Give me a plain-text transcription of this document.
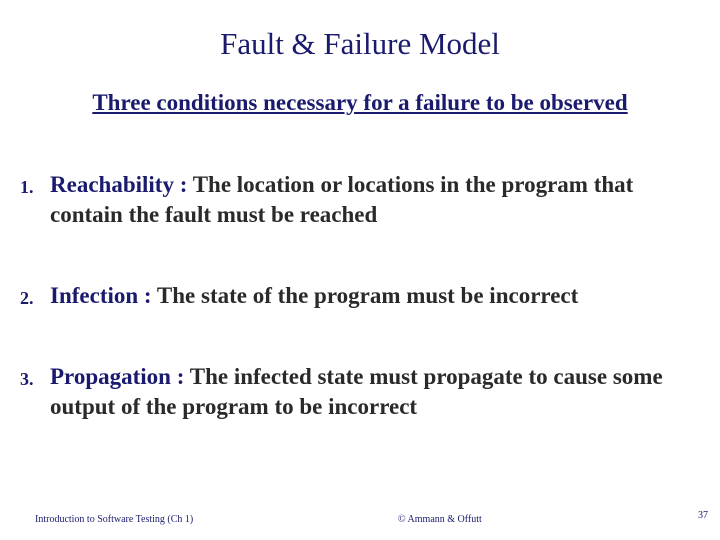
Fault & Failure Model
Three conditions necessary for a failure to be observed
1. Reachability : The location or locations in the program that contain the fault must be reached
2. Infection : The state of the program must be incorrect
3. Propagation : The infected state must propagate to cause some output of the program to be incorrect
Introduction to Software Testing (Ch 1)	© Ammann & Offutt	37
